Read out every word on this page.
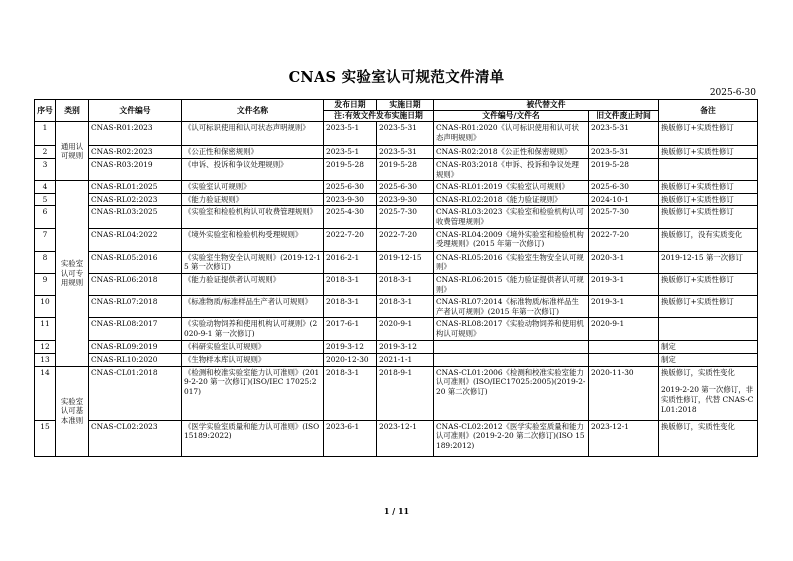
CNAS 实验室认可规范文件清单
2025-6-30
序号	类别	文件编号	文件名称	发布日期	实施日期	被代替文件		备注
				注:有效文件发布实施日期		文件编号/文件名	旧文件废止时间	
1	通用认可规则	CNAS-R01:2023	《认可标识使用和认可状态声明规则》	2023-5-1	2023-5-31	CNAS-R01:2020《认可标识使用和认可状态声明规则》	2023-5-31	换版修订+实质性修订
2		CNAS-R02:2023	《公正性和保密规则》	2023-5-1	2023-5-31	CNAS-R02:2018《公正性和保密规则》	2023-5-31	换版修订+实质性修订
3		CNAS-R03:2019	《申诉、投诉和争议处理规则》	2019-5-28	2019-5-28	CNAS-R03:2018《申诉、投诉和争议处理规则》	2019-5-28	
4	实验室认可专用规则	CNAS-RL01:2025	《实验室认可规则》	2025-6-30	2025-6-30	CNAS-RL01:2019《实验室认可规则》	2025-6-30	换版修订+实质性修订
5		CNAS-RL02:2023	《能力验证规则》	2023-9-30	2023-9-30	CNAS-RL02:2018《能力验证规则》	2024-10-1	换版修订+实质性修订
6		CNAS-RL03:2025	《实验室和检验机构认可收费管理规则》	2025-4-30	2025-7-30	CNAS-RL03:2023《实验室和检验机构认可收费管理规则》	2025-7-30	换版修订+实质性修订
7		CNAS-RL04:2022	《境外实验室和检验机构受理规则》	2022-7-20	2022-7-20	CNAS-RL04:2009《境外实验室和检验机构受理规则》(2015 年第一次修订)	2022-7-20	换版修订，没有实质变化
8		CNAS-RL05:2016	《实验室生物安全认可规则》(2019-12-15 第一次修订)	2016-2-1	2019-12-15	CNAS-RL05:2016《实验室生物安全认可规则》	2020-3-1	2019-12-15 第一次修订
9		CNAS-RL06:2018	《能力验证提供者认可规则》	2018-3-1	2018-3-1	CNAS-RL06:2015《能力验证提供者认可规则》	2019-3-1	换版修订+实质性修订
10		CNAS-RL07:2018	《标准物质/标准样品生产者认可规则》	2018-3-1	2018-3-1	CNAS-RL07:2014《标准物质/标准样品生产者认可规则》(2015 年第一次修订)	2019-3-1	换版修订+实质性修订
11		CNAS-RL08:2017	《实验动物饲养和使用机构认可规则》(2020-9-1 第一次修订)	2017-6-1	2020-9-1	CNAS-RL08:2017《实验动物饲养和使用机构认可规则》	2020-9-1	
12		CNAS-RL09:2019	《科研实验室认可规则》	2019-3-12	2019-3-12			制定
13		CNAS-RL10:2020	《生物样本库认可规则》	2020-12-30	2021-1-1			制定
14	实验室认可基本准则	CNAS-CL01:2018	《检测和校准实验室能力认可准则》(2019-2-20 第一次修订)(ISO/IEC 17025:2017)	2018-3-1	2018-9-1	CNAS-CL01:2006《检测和校准实验室能力认可准则》(ISO/IEC17025:2005)(2019-2-20 第二次修订)	2020-11-30	换版修订，实质性变化
2019-2-20 第一次修订，非实质性修订，代替 CNAS-CL01:2018

15		CNAS-CL02:2023	《医学实验室质量和能力认可准则》(ISO 15189:2022)	2023-6-1	2023-12-1	CNAS-CL02:2012《医学实验室质量和能力认可准则》(2019-2-20 第二次修订)(ISO 15189:2012)	2023-12-1	换版修订，实质性变化
1 / 11
